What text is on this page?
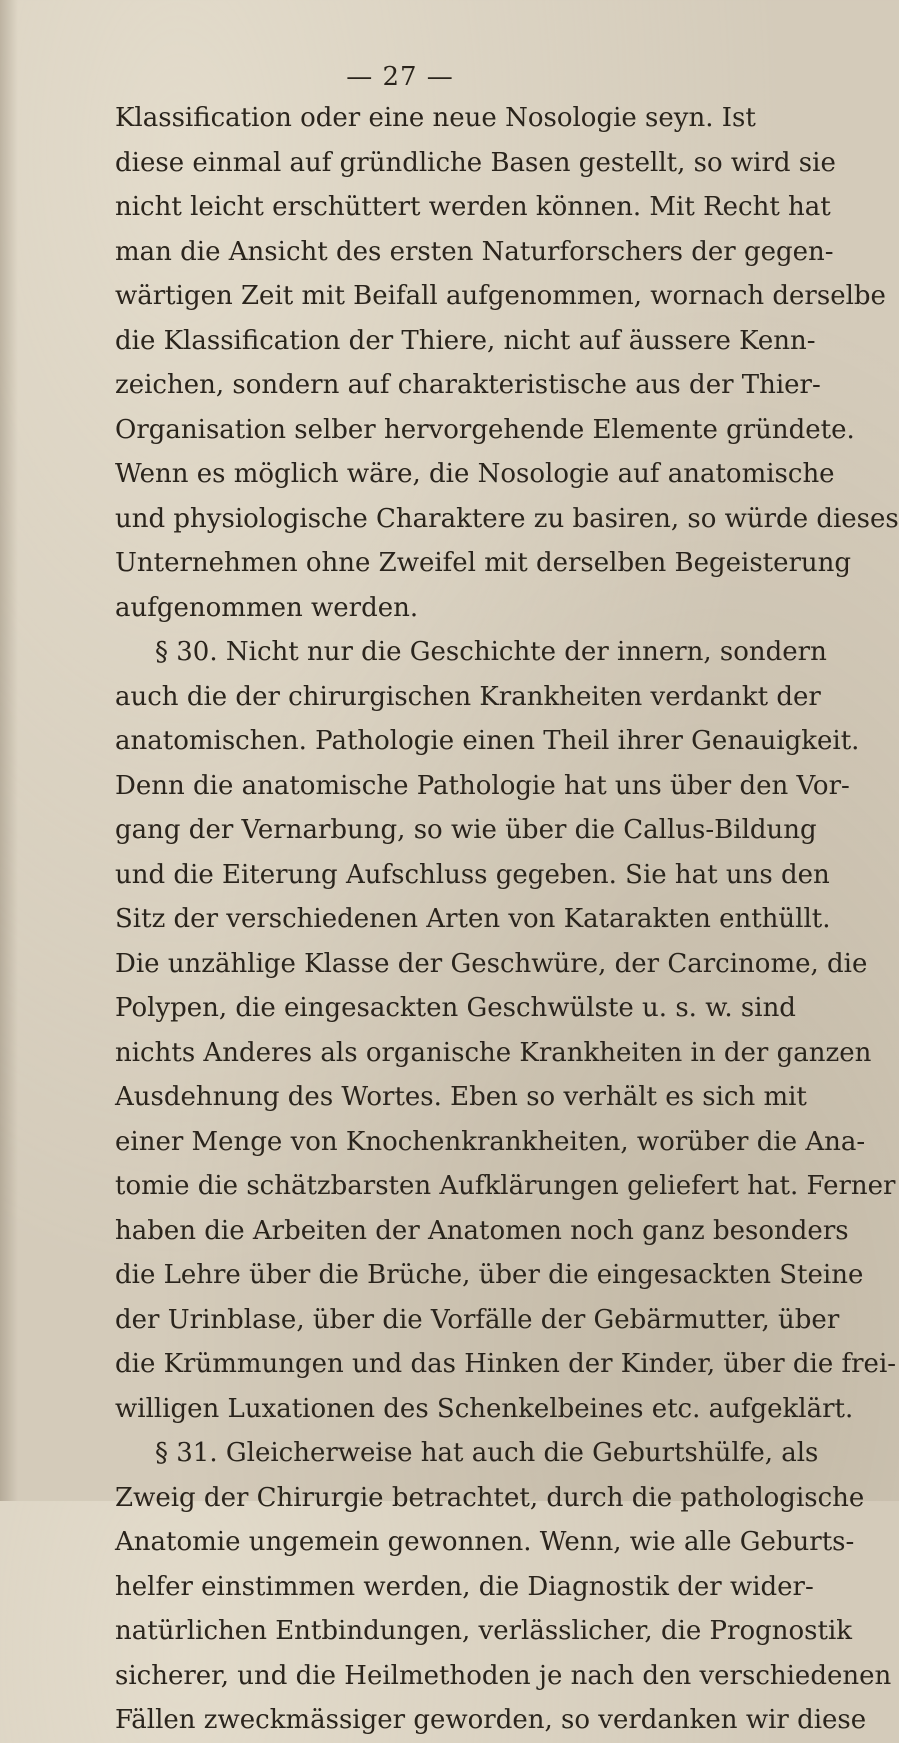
— 27 —
Klassification oder eine neue Nosologie seyn. Ist
diese einmal auf gründliche Basen gestellt, so wird sie
nicht leicht erschüttert werden können. Mit Recht hat
man die Ansicht des ersten Naturforschers der gegen-
wärtigen Zeit mit Beifall aufgenommen, wornach derselbe
die Klassification der Thiere, nicht auf äussere Kenn-
zeichen, sondern auf charakteristische aus der Thier-
Organisation selber hervorgehende Elemente gründete.
Wenn es möglich wäre, die Nosologie auf anatomische
und physiologische Charaktere zu basiren, so würde dieses
Unternehmen ohne Zweifel mit derselben Begeisterung
aufgenommen werden.
§ 30. Nicht nur die Geschichte der innern, sondern
auch die der chirurgischen Krankheiten verdankt der
anatomischen. Pathologie einen Theil ihrer Genauigkeit.
Denn die anatomische Pathologie hat uns über den Vor-
gang der Vernarbung, so wie über die Callus-Bildung
und die Eiterung Aufschluss gegeben. Sie hat uns den
Sitz der verschiedenen Arten von Katarakten enthüllt.
Die unzählige Klasse der Geschwüre, der Carcinome, die
Polypen, die eingesackten Geschwülste u. s. w. sind
nichts Anderes als organische Krankheiten in der ganzen
Ausdehnung des Wortes. Eben so verhält es sich mit
einer Menge von Knochenkrankheiten, worüber die Ana-
tomie die schätzbarsten Aufklärungen geliefert hat. Ferner
haben die Arbeiten der Anatomen noch ganz besonders
die Lehre über die Brüche, über die eingesackten Steine
der Urinblase, über die Vorfälle der Gebärmutter, über
die Krümmungen und das Hinken der Kinder, über die frei-
willigen Luxationen des Schenkelbeines etc. aufgeklärt.
§ 31. Gleicherweise hat auch die Geburtshülfe, als
Zweig der Chirurgie betrachtet, durch die pathologische
Anatomie ungemein gewonnen. Wenn, wie alle Geburts-
helfer einstimmen werden, die Diagnostik der wider-
natürlichen Entbindungen, verlässlicher, die Prognostik
sicherer, und die Heilmethoden je nach den verschiedenen
Fällen zweckmässiger geworden, so verdanken wir diese
